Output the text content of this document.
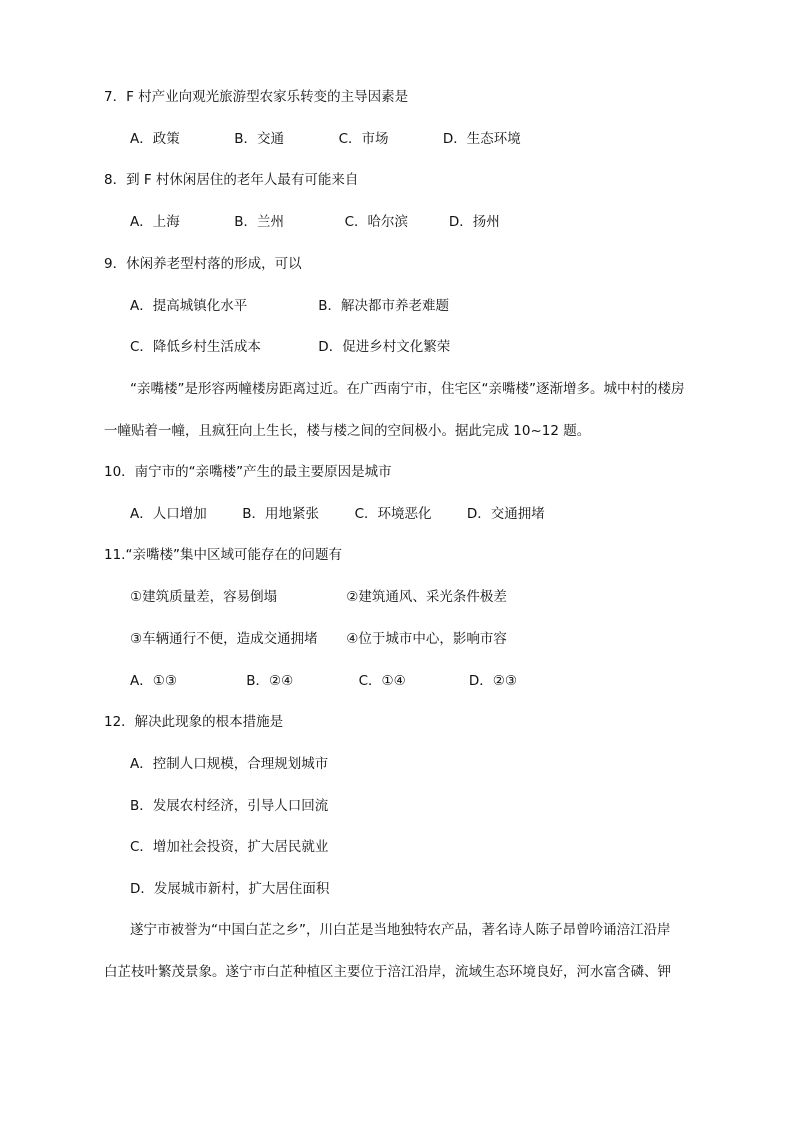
7．F 村产业向观光旅游型农家乐转变的主导因素是
A．政策	B．交通	C．市场	D．生态环境
8．到 F 村休闲居住的老年人最有可能来自
A．上海	B．兰州	C．哈尔滨	D．扬州
9．休闲养老型村落的形成，可以
A．提高城镇化水平	B．解决都市养老难题
C．降低乡村生活成本	D．促进乡村文化繁荣
“亲嘴楼”是形容两幢楼房距离过近。在广西南宁市，住宅区“亲嘴楼”逐渐增多。城中村的楼房
一幢贴着一幢，且疯狂向上生长，楼与楼之间的空间极小。据此完成 10~12 题。
10．南宁市的“亲嘴楼”产生的最主要原因是城市
A．人口增加	B．用地紧张	C．环境恶化	D．交通拥堵
11.“亲嘴楼”集中区域可能存在的问题有
①建筑质量差，容易倒塌	②建筑通风、采光条件极差
③车辆通行不便，造成交通拥堵 ④位于城市中心，影响市容
A．①③	B．②④	C．①④	D．②③
12．解决此现象的根本措施是
A．控制人口规模，合理规划城市
B．发展农村经济，引导人口回流
C．增加社会投资，扩大居民就业
D．发展城市新村，扩大居住面积
遂宁市被誉为“中国白芷之乡”，川白芷是当地独特农产品，著名诗人陈子昂曾吟诵涪江沿岸
白芷枝叶繁茂景象。遂宁市白芷种植区主要位于涪江沿岸，流域生态环境良好，河水富含磷、钾
